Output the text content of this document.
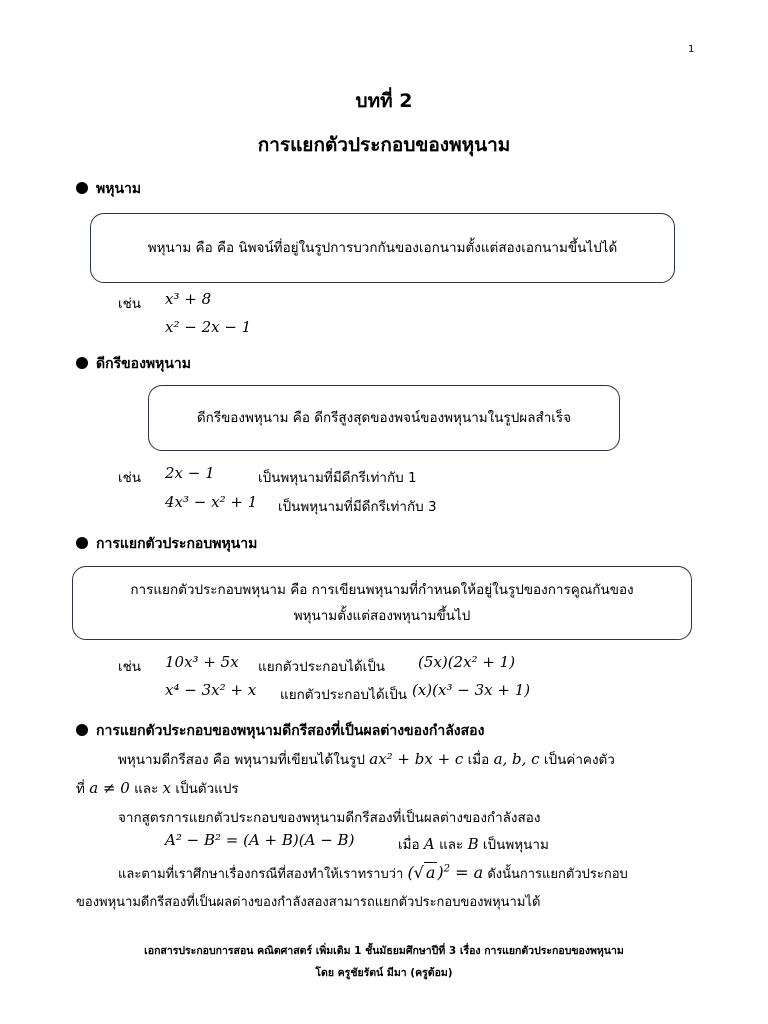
1
บทที่ 2
การแยกตัวประกอบของพหุนาม
พหุนาม
พหุนาม คือ คือ นิพจน์ที่อยู่ในรูปการบวกกันของเอกนามตั้งแต่สองเอกนามขึ้นไปได้
เช่น x³ + 8
x² − 2x − 1
ดีกรีของพหุนาม
ดีกรีของพหุนาม คือ ดีกรีสูงสุดของพจน์ของพหุนามในรูปผลสำเร็จ
เช่น 2x − 1	เป็นพหุนามที่มีดีกรีเท่ากับ 1
4x³ − x² + 1 เป็นพหุนามที่มีดีกรีเท่ากับ 3
การแยกตัวประกอบพหุนาม
การแยกตัวประกอบพหุนาม คือ การเขียนพหุนามที่กำหนดให้อยู่ในรูปของการคูณกันของ
พหุนามตั้งแต่สองพหุนามขึ้นไป
เช่น 10x³ + 5x แยกตัวประกอบได้เป็น (5x)(2x² + 1)
x⁴ − 3x² + x แยกตัวประกอบได้เป็น (x)(x³ − 3x + 1)
การแยกตัวประกอบของพหุนามดีกรีสองที่เป็นผลต่างของกำลังสอง
พหุนามดีกรีสอง คือ พหุนามที่เขียนได้ในรูป ax² + bx + c เมื่อ a, b, c เป็นค่าคงตัว
ที่ a ≠ 0 และ x เป็นตัวแปร
จากสูตรการแยกตัวประกอบของพหุนามดีกรีสองที่เป็นผลต่างของกำลังสอง
A² − B² = (A + B)(A − B)	เมื่อ A และ B เป็นพหุนาม
และตามที่เราศึกษาเรื่องกรณีที่สองทำให้เราทราบว่า (√ a )$^2$ = a ดังนั้นการแยกตัวประกอบ
ของพหุนามดีกรีสองที่เป็นผลต่างของกำลังสองสามารถแยกตัวประกอบของพหุนามได้
เอกสารประกอบการสอน คณิตศาสตร์ เพิ่มเติม 1 ชั้นมัธยมศึกษาปีที่ 3 เรื่อง การแยกตัวประกอบของพหุนาม
โดย ครูชัยรัตน์ มีมา (ครูต้อม)
